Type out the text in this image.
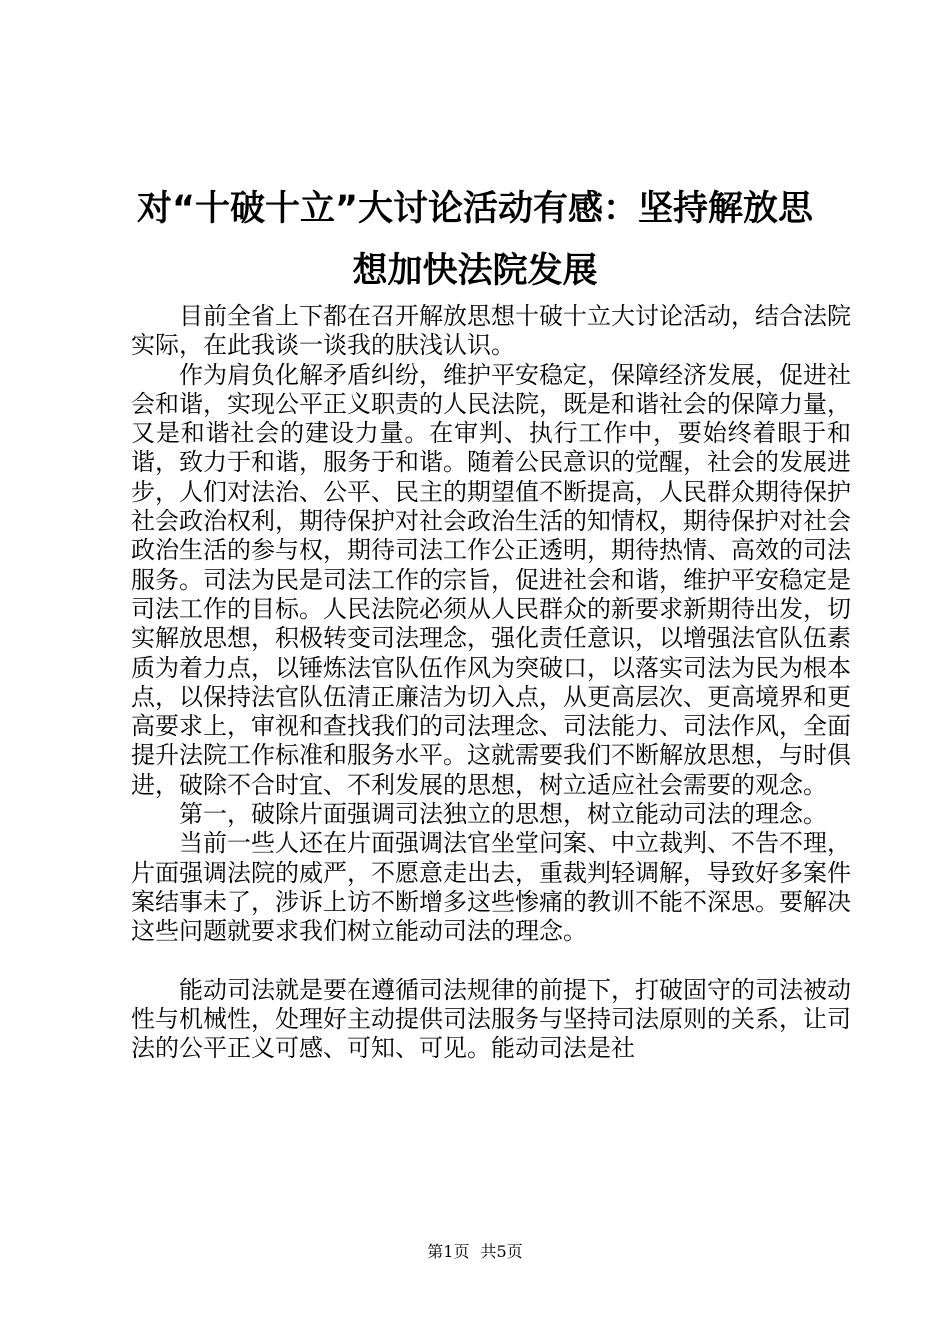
对“十破十立”大讨论活动有感：坚持解放思
想加快法院发展

目前全省上下都在召开解放思想十破十立大讨论活动，结合法院实际，在此我谈一谈我的肤浅认识。

作为肩负化解矛盾纠纷，维护平安稳定，保障经济发展，促进社会和谐，实现公平正义职责的人民法院，既是和谐社会的保障力量，又是和谐社会的建设力量。在审判、执行工作中，要始终着眼于和谐，致力于和谐，服务于和谐。随着公民意识的觉醒，社会的发展进步，人们对法治、公平、民主的期望值不断提高，人民群众期待保护社会政治权利，期待保护对社会政治生活的知情权，期待保护对社会政治生活的参与权，期待司法工作公正透明，期待热情、高效的司法服务。司法为民是司法工作的宗旨，促进社会和谐，维护平安稳定是司法工作的目标。人民法院必须从人民群众的新要求新期待出发，切实解放思想，积极转变司法理念，强化责任意识，以增强法官队伍素质为着力点，以锤炼法官队伍作风为突破口，以落实司法为民为根本点，以保持法官队伍清正廉洁为切入点，从更高层次、更高境界和更高要求上，审视和查找我们的司法理念、司法能力、司法作风，全面提升法院工作标准和服务水平。这就需要我们不断解放思想，与时俱进，破除不合时宜、不利发展的思想，树立适应社会需要的观念。

第一，破除片面强调司法独立的思想，树立能动司法的理念。

当前一些人还在片面强调法官坐堂问案、中立裁判、不告不理，片面强调法院的威严，不愿意走出去，重裁判轻调解，导致好多案件案结事未了，涉诉上访不断增多这些惨痛的教训不能不深思。要解决这些问题就要求我们树立能动司法的理念。

能动司法就是要在遵循司法规律的前提下，打破固守的司法被动性与机械性，处理好主动提供司法服务与坚持司法原则的关系，让司法的公平正义可感、可知、可见。能动司法是社

第1页 共5页
